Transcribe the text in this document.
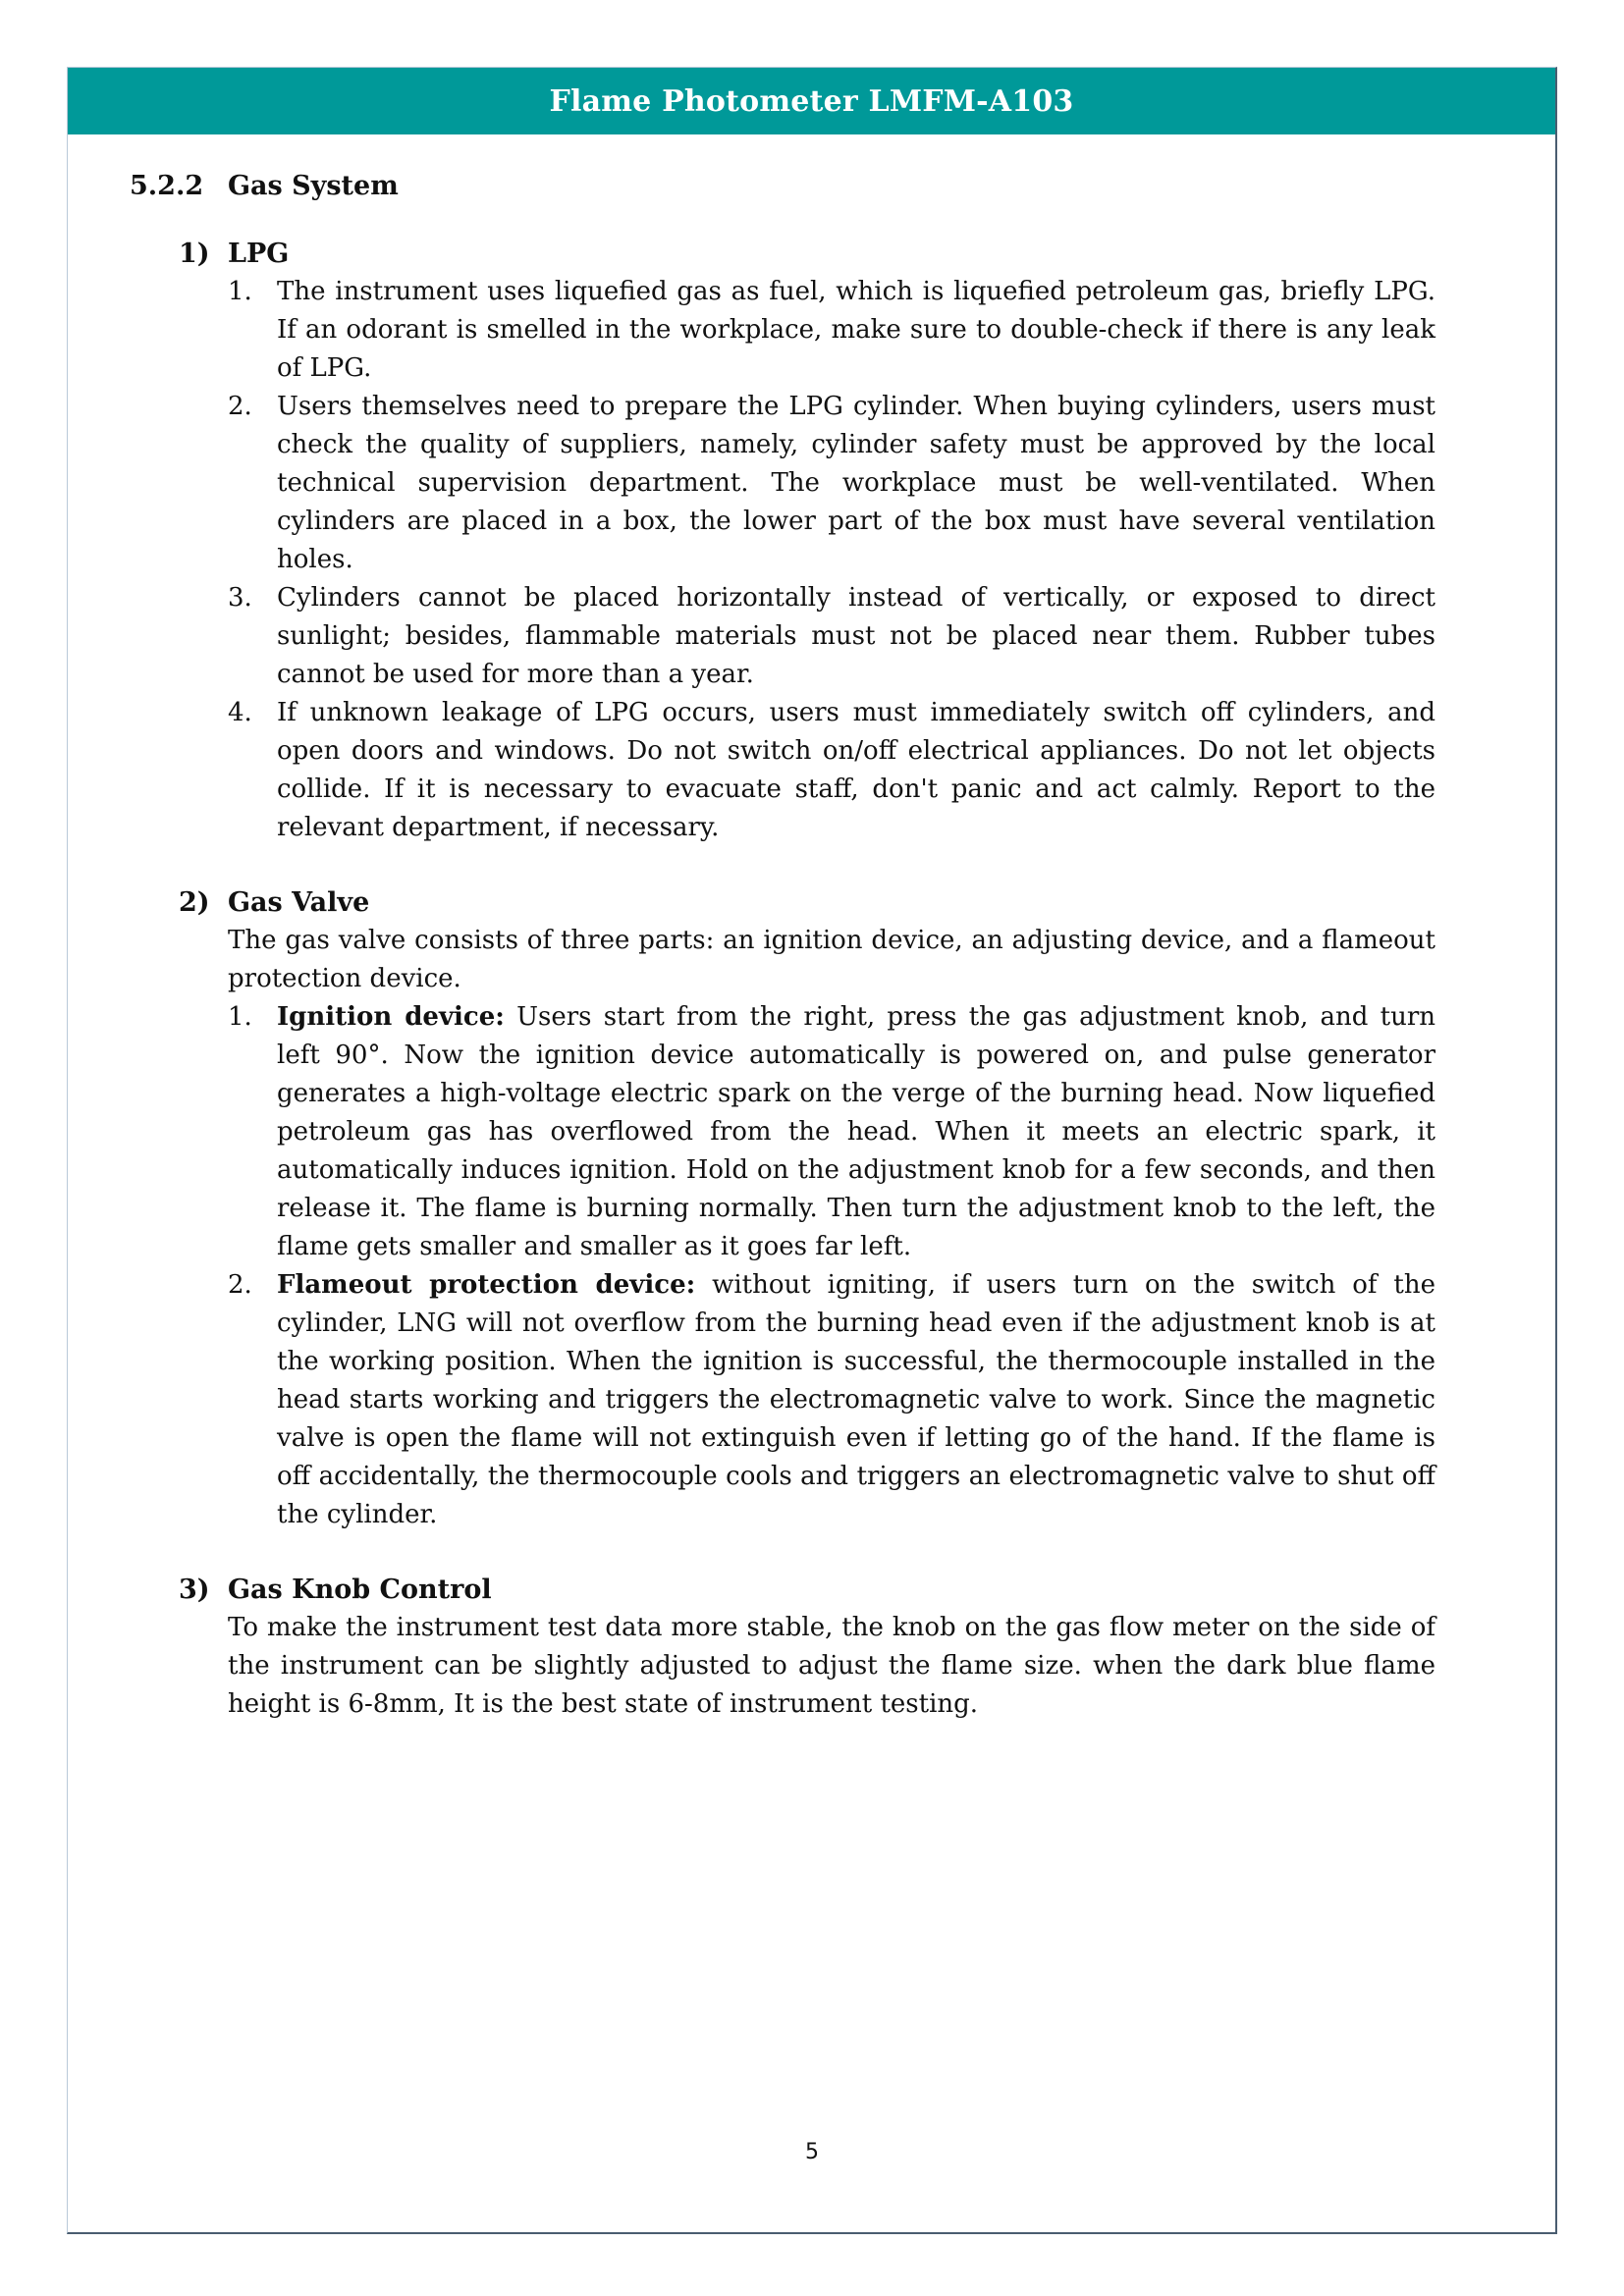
Flame Photometer LMFM-A103
5.2.2 Gas System
1) LPG
1. The instrument uses liquefied gas as fuel, which is liquefied petroleum gas, briefly LPG. If an odorant is smelled in the workplace, make sure to double-check if there is any leak of LPG.
2. Users themselves need to prepare the LPG cylinder. When buying cylinders, users must check the quality of suppliers, namely, cylinder safety must be approved by the local technical supervision department. The workplace must be well-ventilated. When cylinders are placed in a box, the lower part of the box must have several ventilation holes.
3. Cylinders cannot be placed horizontally instead of vertically, or exposed to direct sunlight; besides, flammable materials must not be placed near them. Rubber tubes cannot be used for more than a year.
4. If unknown leakage of LPG occurs, users must immediately switch off cylinders, and open doors and windows. Do not switch on/off electrical appliances. Do not let objects collide. If it is necessary to evacuate staff, don't panic and act calmly. Report to the relevant department, if necessary.
2) Gas Valve
The gas valve consists of three parts: an ignition device, an adjusting device, and a flameout protection device.
1. Ignition device: Users start from the right, press the gas adjustment knob, and turn left 90°. Now the ignition device automatically is powered on, and pulse generator generates a high-voltage electric spark on the verge of the burning head. Now liquefied petroleum gas has overflowed from the head. When it meets an electric spark, it automatically induces ignition. Hold on the adjustment knob for a few seconds, and then release it. The flame is burning normally. Then turn the adjustment knob to the left, the flame gets smaller and smaller as it goes far left.
2. Flameout protection device: without igniting, if users turn on the switch of the cylinder, LNG will not overflow from the burning head even if the adjustment knob is at the working position. When the ignition is successful, the thermocouple installed in the head starts working and triggers the electromagnetic valve to work. Since the magnetic valve is open the flame will not extinguish even if letting go of the hand. If the flame is off accidentally, the thermocouple cools and triggers an electromagnetic valve to shut off the cylinder.
3) Gas Knob Control
To make the instrument test data more stable, the knob on the gas flow meter on the side of the instrument can be slightly adjusted to adjust the flame size. when the dark blue flame height is 6-8mm, It is the best state of instrument testing.
5
